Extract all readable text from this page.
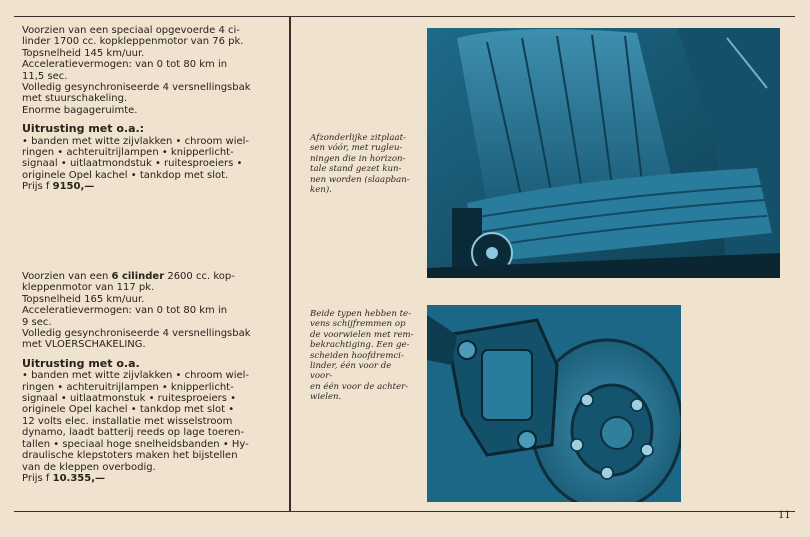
Voorzien van een speciaal opgevoerde 4 ci-

linder 1700 cc. kopkleppenmotor van 76 pk.

Topsnelheid 145 km/uur.

Acceleratievermogen: van 0 tot 80 km in

11,5 sec.

Volledig gesynchroniseerde 4 versnellingsbak

met stuurschakeling.

Enorme bagageruimte.

Uitrusting met o.a.:

• banden met witte zijvlakken • chroom wiel-

ringen • achteruitrijlampen • knipperlicht-

signaal • uitlaatmondstuk • ruitesproeiers •

originele Opel kachel • tankdop met slot.

Prijs f 9150,—

Voorzien van een 6 cilinder 2600 cc. kop-

kleppenmotor van 117 pk.

Topsnelheid 165 km/uur.

Acceleratievermogen: van 0 tot 80 km in

9 sec.

Volledig gesynchroniseerde 4 versnellingsbak

met VLOERSCHAKELING.

Uitrusting met o.a.

• banden met witte zijvlakken • chroom wiel-

ringen • achteruitrijlampen • knipperlicht-

signaal • uitlaatmonstuk • ruitesproeiers •

originele Opel kachel • tankdop met slot •

12 volts elec. installatie met wisselstroom

dynamo, laadt batterij reeds op lage toeren-

tallen • speciaal hoge snelheidsbanden • Hy-

draulische klepstoters maken het bijstellen

van de kleppen overbodig.

Prijs f 10.355,—

Afzonderlijke zitplaat-

sen vóór, met rugleu-

ningen die in horizon-

tale stand gezet kun-

nen worden (slaapban-

ken).

Beide typen hebben te-

vens schijfremmen op

de voorwielen met rem-

bekrachtiging. Een ge-

scheiden hoofdremci-

linder, één voor de voor-

en één voor de achter-

wielen.

11
